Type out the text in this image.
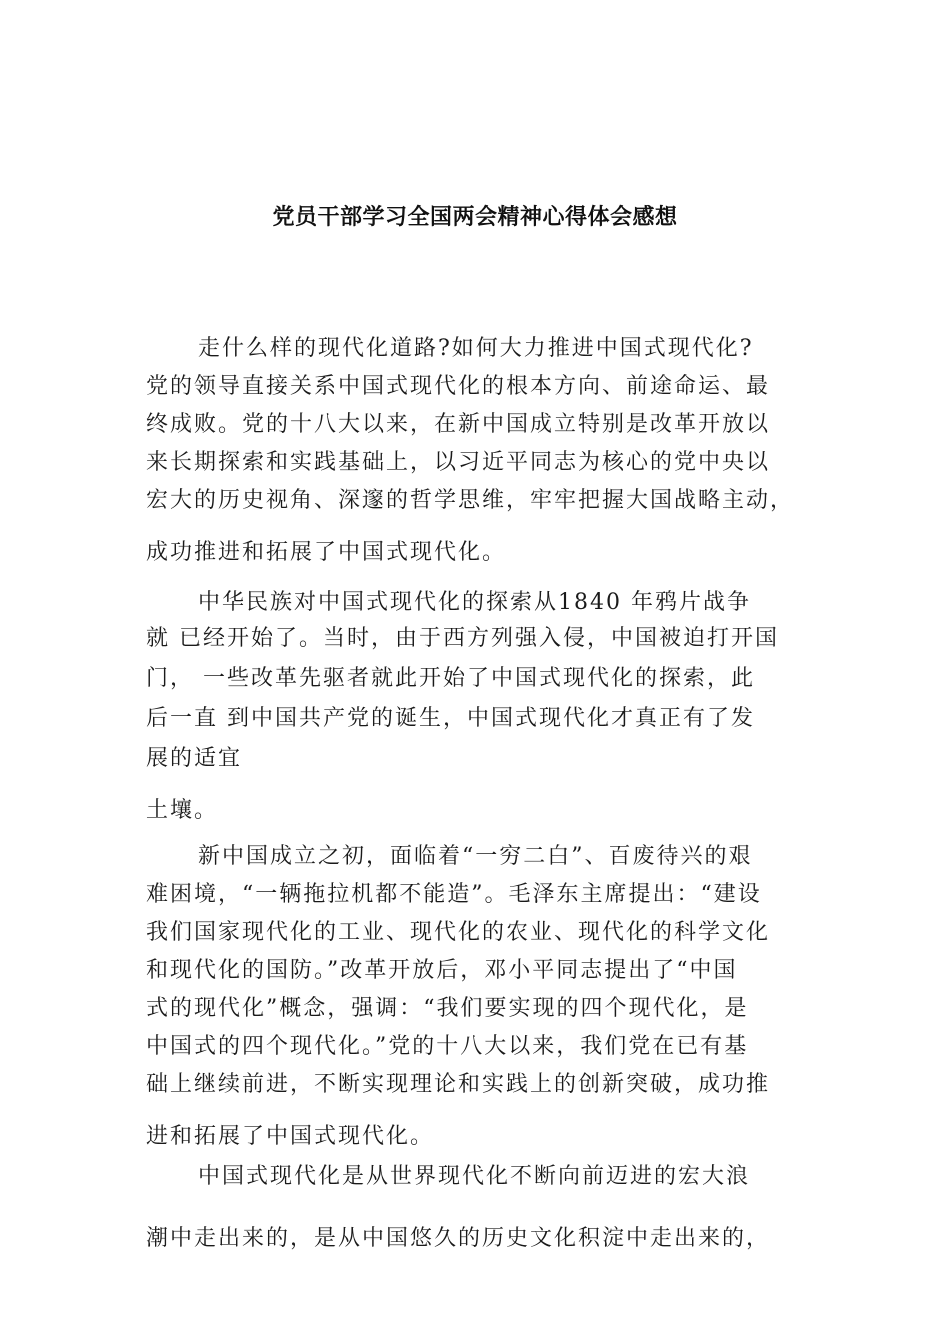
党员干部学习全国两会精神心得体会感想
走什么样的现代化道路?如何大力推进中国式现代化?
党的领导直接关系中国式现代化的根本方向、前途命运、最
终成败。党的十八大以来，在新中国成立特别是改革开放以
来长期探索和实践基础上，以习近平同志为核心的党中央以
宏大的历史视角、深邃的哲学思维，牢牢把握大国战略主动，
成功推进和拓展了中国式现代化。
中华民族对中国式现代化的探索从1840 年鸦片战争
就 已经开始了。当时，由于西方列强入侵，中国被迫打开国
门， 一些改革先驱者就此开始了中国式现代化的探索，此
后一直 到中国共产党的诞生，中国式现代化才真正有了发
展的适宜
土壤。
新中国成立之初，面临着“一穷二白”、百废待兴的艰
难困境，“一辆拖拉机都不能造”。毛泽东主席提出：“建设
我们国家现代化的工业、现代化的农业、现代化的科学文化
和现代化的国防。”改革开放后，邓小平同志提出了“中国
式的现代化”概念，强调：“我们要实现的四个现代化，是
中国式的四个现代化。”党的十八大以来，我们党在已有基
础上继续前进，不断实现理论和实践上的创新突破，成功推
进和拓展了中国式现代化。
中国式现代化是从世界现代化不断向前迈进的宏大浪
潮中走出来的，是从中国悠久的历史文化积淀中走出来的，
